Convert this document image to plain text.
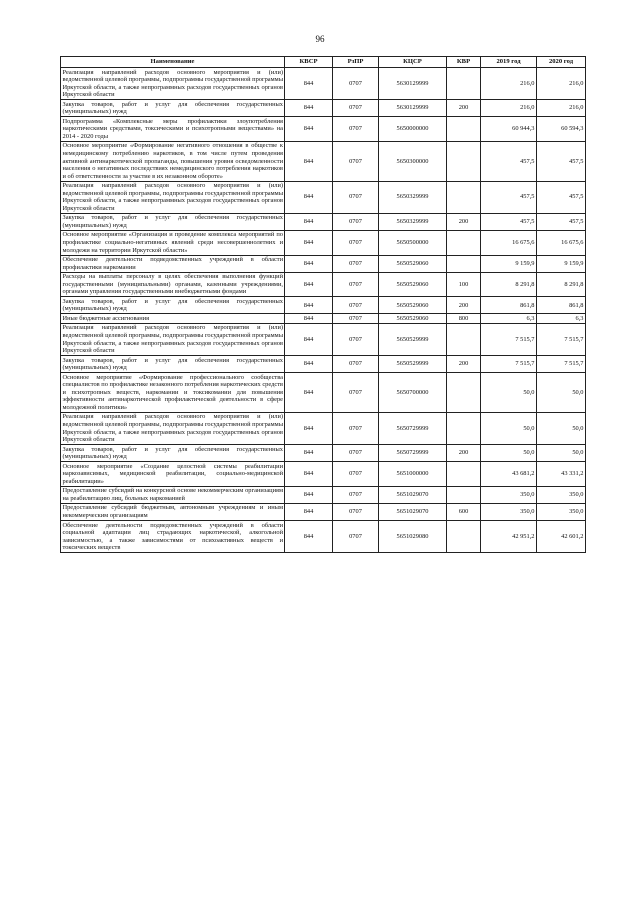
96
Наименование	КВСР	РзПР	КЦСР	КВР	2019 год	2020 год
Реализация направлений расходов основного мероприятия и (или) ведомственной целевой программы, подпрограммы государственной программы Иркутской области, а также непрограммных расходов государственных органов Иркутской области	844	0707	5630129999		216,0	216,0
Закупка товаров, работ и услуг для обеспечения государственных (муниципальных) нужд	844	0707	5630129999	200	216,0	216,0
Подпрограмма «Комплексные меры профилактики злоупотребления наркотическими средствами, токсическими и психотропными веществами» на 2014 - 2020 годы	844	0707	5650000000		60 944,3	60 594,3
Основное мероприятие «Формирование негативного отношения в обществе к немедицинскому потреблению наркотиков, в том числе путем проведения активной антинаркотической пропаганды, повышения уровня осведомленности населения о негативных последствиях немедицинского потребления наркотиков и об ответственности за участие в их незаконном обороте»	844	0707	5650300000		457,5	457,5
Реализация направлений расходов основного мероприятия и (или) ведомственной целевой программы, подпрограммы государственной программы Иркутской области, а также непрограммных расходов государственных органов Иркутской области	844	0707	5650329999		457,5	457,5
Закупка товаров, работ и услуг для обеспечения государственных (муниципальных) нужд	844	0707	5650329999	200	457,5	457,5
Основное мероприятие «Организация и проведение комплекса мероприятий по профилактике социально-негативных явлений среди несовершеннолетних и молодежи на территории Иркутской области»	844	0707	5650500000		16 675,6	16 675,6
Обеспечение деятельности подведомственных учреждений в области профилактики наркомании	844	0707	5650529060		9 159,9	9 159,9
Расходы на выплаты персоналу в целях обеспечения выполнения функций государственными (муниципальными) органами, казенными учреждениями, органами управления государственными внебюджетными фондами	844	0707	5650529060	100	8 291,8	8 291,8
Закупка товаров, работ и услуг для обеспечения государственных (муниципальных) нужд	844	0707	5650529060	200	861,8	861,8
Иные бюджетные ассигнования	844	0707	5650529060	800	6,3	6,3
Реализация направлений расходов основного мероприятия и (или) ведомственной целевой программы, подпрограммы государственной программы Иркутской области, а также непрограммных расходов государственных органов Иркутской области	844	0707	5650529999		7 515,7	7 515,7
Закупка товаров, работ и услуг для обеспечения государственных (муниципальных) нужд	844	0707	5650529999	200	7 515,7	7 515,7
Основное мероприятие «Формирование профессионального сообщества специалистов по профилактике незаконного потребления наркотических средств и психотропных веществ, наркомании и токсикомании для повышения эффективности антинаркотической профилактической деятельности в сфере молодежной политики»	844	0707	5650700000		50,0	50,0
Реализация направлений расходов основного мероприятия и (или) ведомственной целевой программы, подпрограммы государственной программы Иркутской области, а также непрограммных расходов государственных органов Иркутской области	844	0707	5650729999		50,0	50,0
Закупка товаров, работ и услуг для обеспечения государственных (муниципальных) нужд	844	0707	5650729999	200	50,0	50,0
Основное мероприятие «Создание целостной системы реабилитации наркозависимых, медицинской реабилитации, социально-медицинской реабилитации»	844	0707	5651000000		43 681,2	43 331,2
Предоставление субсидий на конкурсной основе некоммерческим организациям на реабилитацию лиц, больных наркоманией	844	0707	5651029070		350,0	350,0
Предоставление субсидий бюджетным, автономным учреждениям и иным некоммерческим организациям	844	0707	5651029070	600	350,0	350,0
Обеспечение деятельности подведомственных учреждений в области социальной адаптации лиц страдающих наркотической, алкогольной зависимостью, а также зависимостями от психоактивных веществ и токсических веществ	844	0707	5651029080		42 951,2	42 601,2
